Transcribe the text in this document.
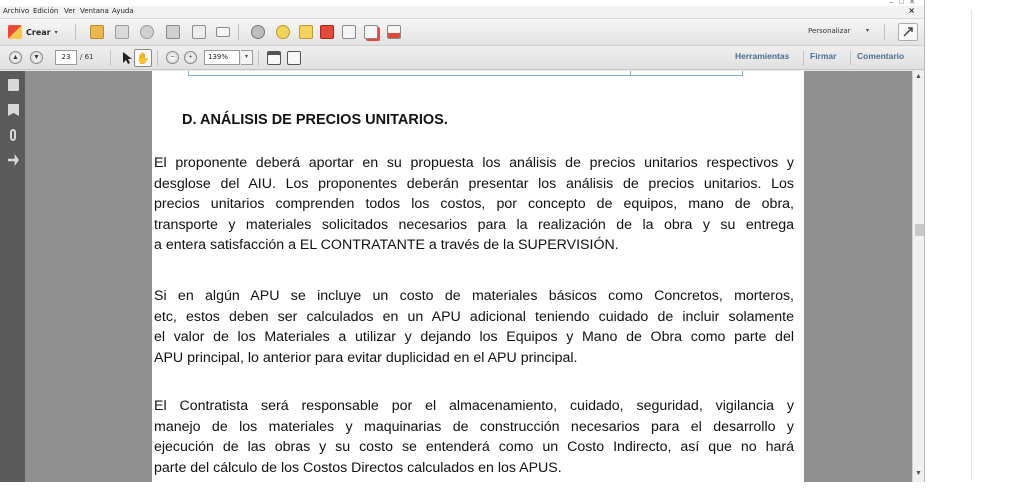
–   □   ✕
Archivo Edición Ver Ventana Ayuda	×
Crear ▾	Personalizar	▾
▲ ▼	23	/ 61	✋	− +	139%	▾	Herramientas Firmar Comentario
D. ANÁLISIS DE PRECIOS UNITARIOS.
El proponente deberá aportar en su propuesta los análisis de precios unitarios respectivos y
desglose del AIU. Los proponentes deberán presentar los análisis de precios unitarios. Los
precios unitarios comprenden todos los costos, por concepto de equipos, mano de obra,
transporte y materiales solicitados necesarios para la realización de la obra y su entrega
a entera satisfacción a EL CONTRATANTE a través de la SUPERVISIÓN.
Si en algún APU se incluye un costo de materiales básicos como Concretos, morteros,
etc, estos deben ser calculados en un APU adicional teniendo cuidado de incluir solamente
el valor de los Materiales a utilizar y dejando los Equipos y Mano de Obra como parte del
APU principal, lo anterior para evitar duplicidad en el APU principal.
El Contratista será responsable por el almacenamiento, cuidado, seguridad, vigilancia y
manejo de los materiales y maquinarias de construcción necesarios para el desarrollo y
ejecución de las obras y su costo se entenderá como un Costo Indirecto, así que no hará
parte del cálculo de los Costos Directos calculados en los APUS.
▲
▼
